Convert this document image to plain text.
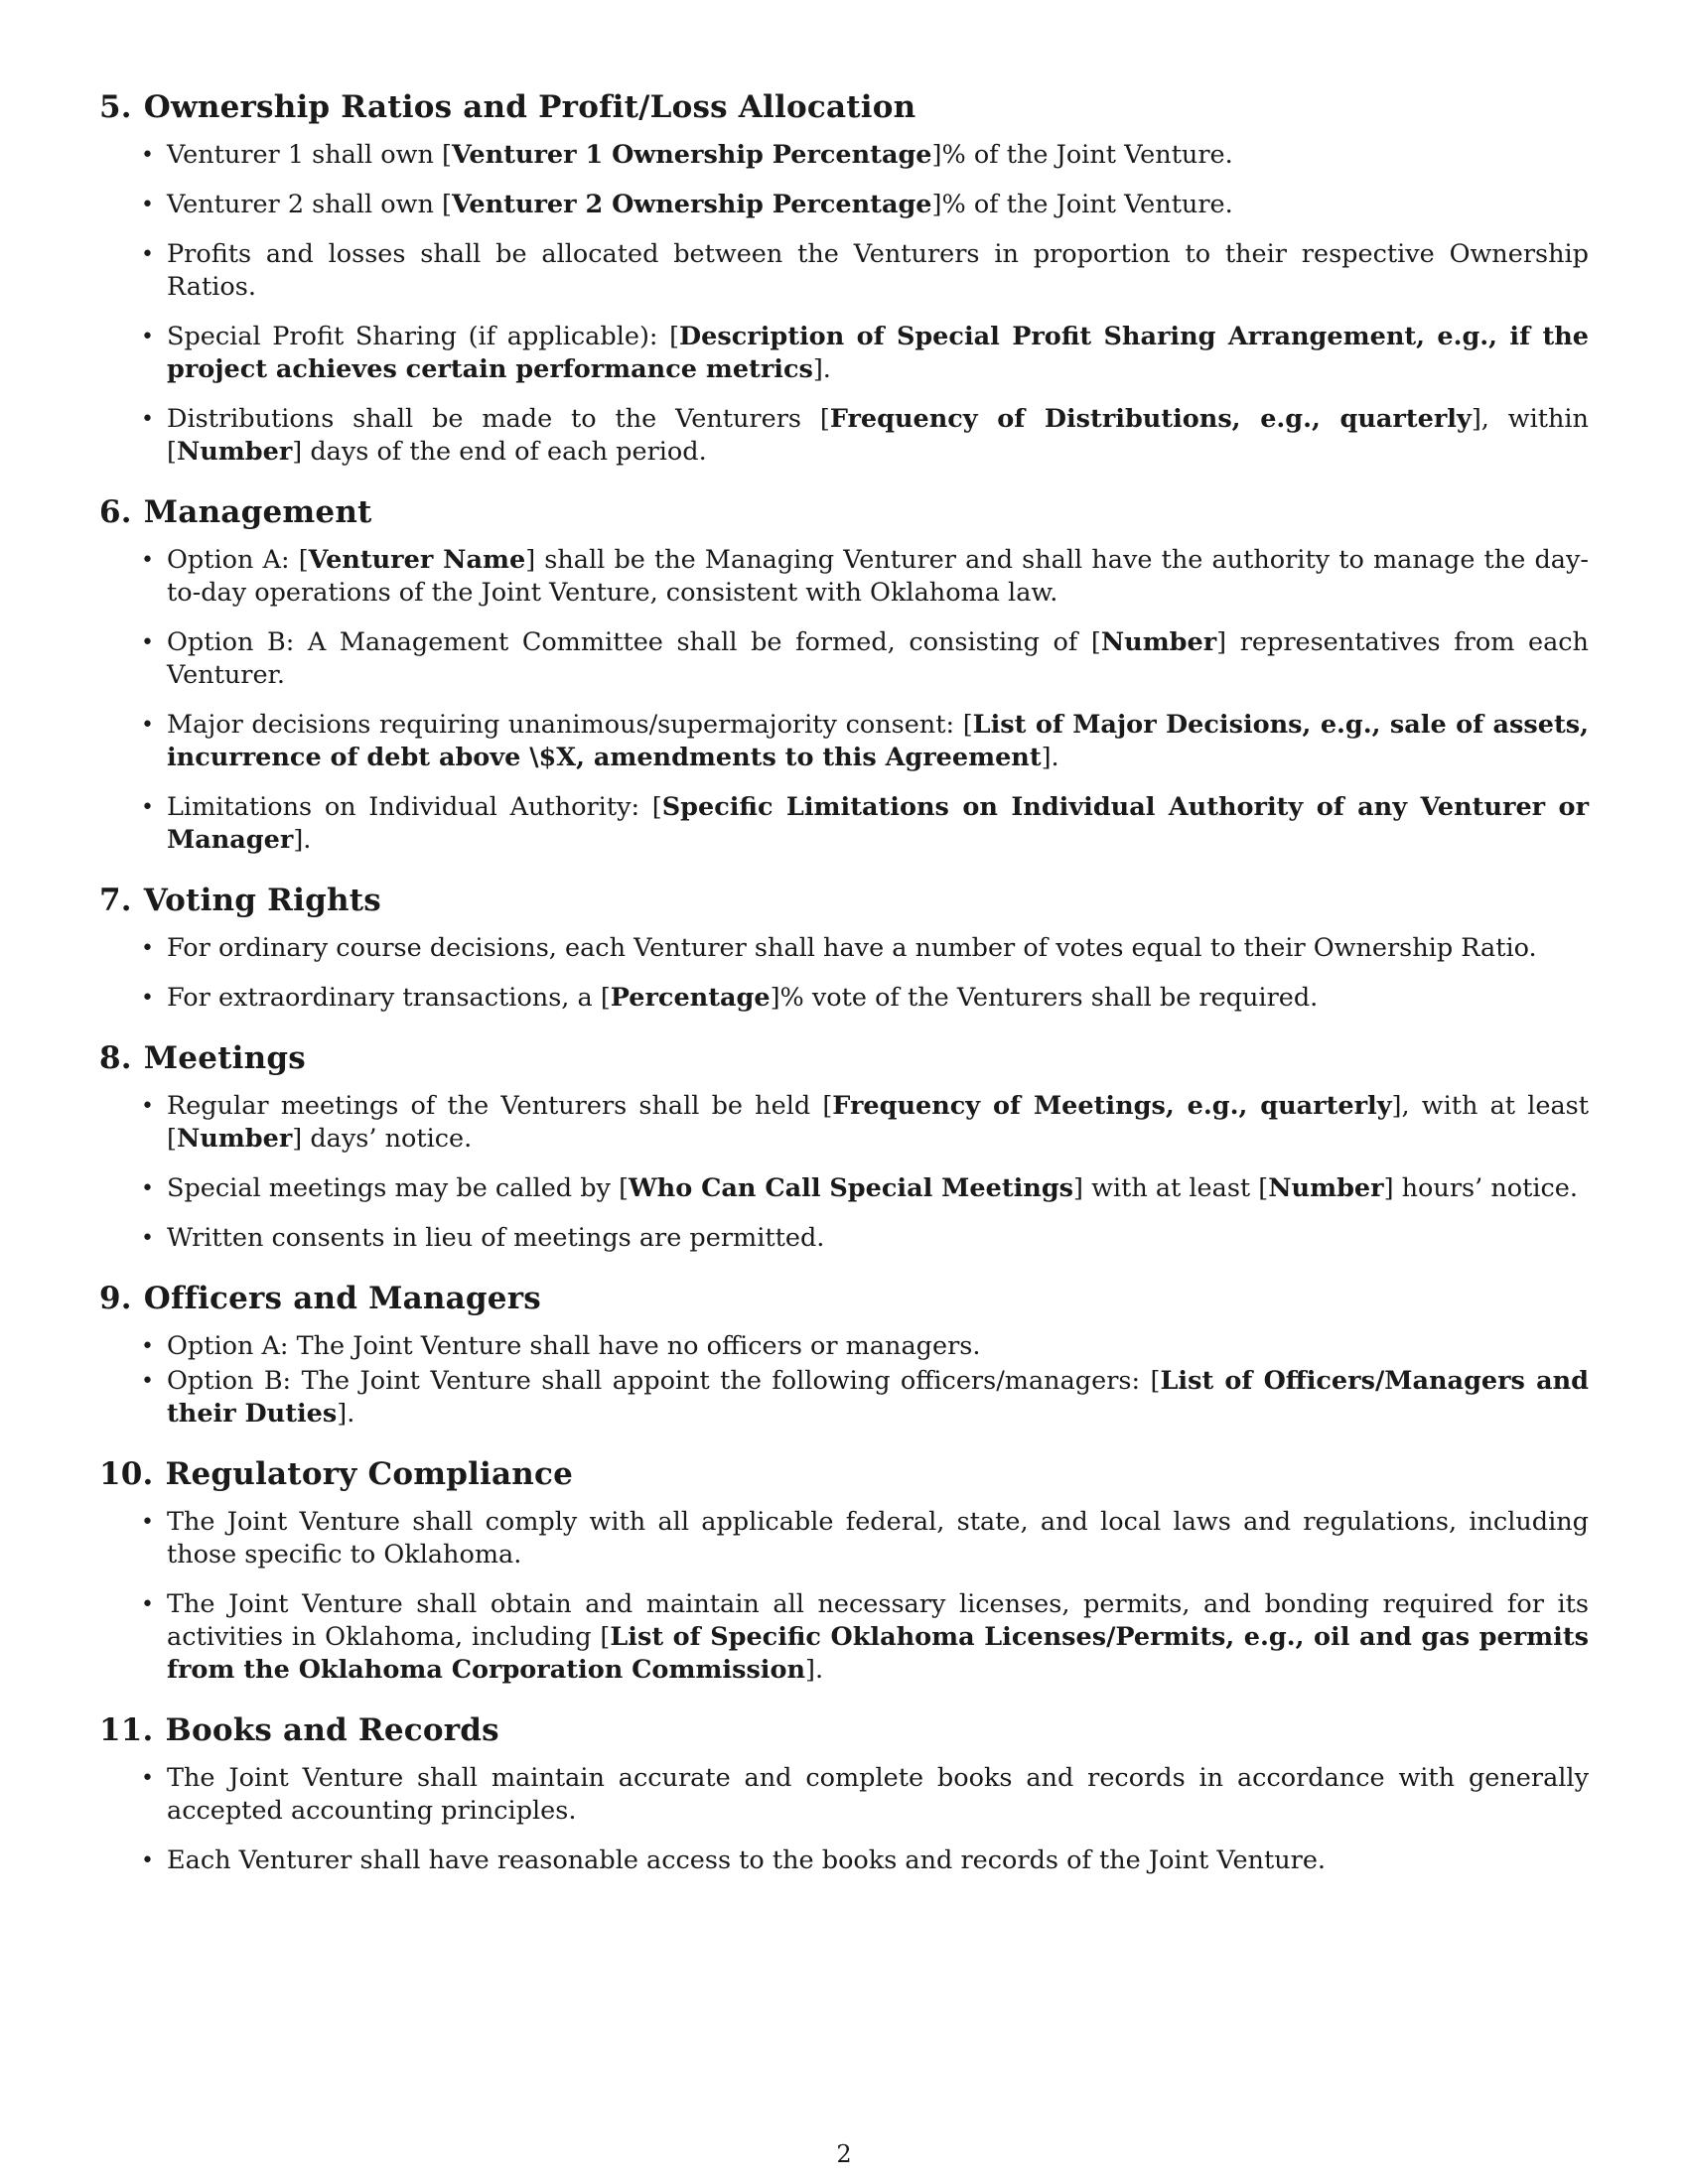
5. Ownership Ratios and Profit/Loss Allocation
• Venturer 1 shall own [Venturer 1 Ownership Percentage]% of the Joint Venture.
• Venturer 2 shall own [Venturer 2 Ownership Percentage]% of the Joint Venture.
• Profits and losses shall be allocated between the Venturers in proportion to their respective Ownership Ratios.
• Special Profit Sharing (if applicable): [Description of Special Profit Sharing Arrangement, e.g., if the project achieves certain performance metrics].
• Distributions shall be made to the Venturers [Frequency of Distributions, e.g., quarterly], within [Number] days of the end of each period.
6. Management
• Option A: [Venturer Name] shall be the Managing Venturer and shall have the authority to manage the day-to-day operations of the Joint Venture, consistent with Oklahoma law.
• Option B: A Management Committee shall be formed, consisting of [Number] representatives from each Venturer.
• Major decisions requiring unanimous/supermajority consent: [List of Major Decisions, e.g., sale of assets, incurrence of debt above \$X, amendments to this Agreement].
• Limitations on Individual Authority: [Specific Limitations on Individual Authority of any Venturer or Manager].
7. Voting Rights
• For ordinary course decisions, each Venturer shall have a number of votes equal to their Ownership Ratio.
• For extraordinary transactions, a [Percentage]% vote of the Venturers shall be required.
8. Meetings
• Regular meetings of the Venturers shall be held [Frequency of Meetings, e.g., quarterly], with at least [Number] days’ notice.
• Special meetings may be called by [Who Can Call Special Meetings] with at least [Number] hours’ notice.
• Written consents in lieu of meetings are permitted.
9. Officers and Managers
• Option A: The Joint Venture shall have no officers or managers.
• Option B: The Joint Venture shall appoint the following officers/managers: [List of Officers/Managers and their Duties].
10. Regulatory Compliance
• The Joint Venture shall comply with all applicable federal, state, and local laws and regulations, including those specific to Oklahoma.
• The Joint Venture shall obtain and maintain all necessary licenses, permits, and bonding required for its activities in Oklahoma, including [List of Specific Oklahoma Licenses/Permits, e.g., oil and gas permits from the Oklahoma Corporation Commission].
11. Books and Records
• The Joint Venture shall maintain accurate and complete books and records in accordance with generally accepted accounting principles.
• Each Venturer shall have reasonable access to the books and records of the Joint Venture.
2
